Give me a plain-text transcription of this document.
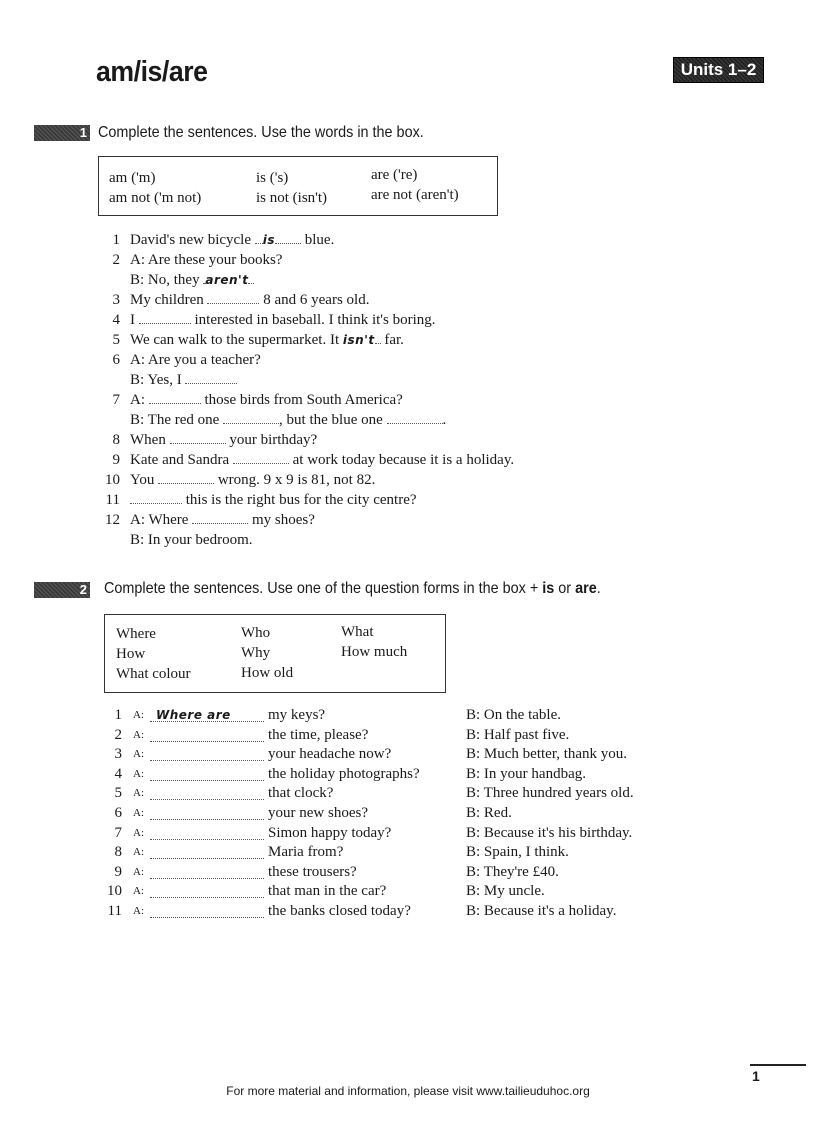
am/is/are	Units 1–2
1 Complete the sentences. Use the words in the box.
am ('m)	is ('s)	are ('re)
am not ('m not)	is not (isn't)	are not (aren't)
1 David's new bicycle is blue.
2 A: Are these your books?
B: No, they aren't
3 My children	8 and 6 years old.
4 I	interested in baseball. I think it's boring.
5 We can walk to the supermarket. It isn't far.
6 A: Are you a teacher?
B: Yes, I
7 A:	those birds from South America?
B: The red one	, but the blue one	.
8 When	your birthday?
9 Kate and Sandra	at work today because it is a holiday.
10 You	wrong. 9 x 9 is 81, not 82.
11	this is the right bus for the city centre?
12 A: Where	my shoes?
B: In your bedroom.
2 Complete the sentences. Use one of the question forms in the box + is or are.
Where	Who	What
How	Why	How much
What colour	How old
1 A:	Where are	my keys?	B: On the table.
2 A:	the time, please?	B: Half past five.
3 A:	your headache now?	B: Much better, thank you.
4 A:	the holiday photographs?	B: In your handbag.
5 A:	that clock?	B: Three hundred years old.
6 A:	your new shoes?	B: Red.
7 A:	Simon happy today?	B: Because it's his birthday.
8 A:	Maria from?	B: Spain, I think.
9 A:	these trousers?	B: They're £40.
10 A:	that man in the car?	B: My uncle.
11 A:	the banks closed today?	B: Because it's a holiday.
1
For more material and information, please visit www.tailieuduhoc.org
